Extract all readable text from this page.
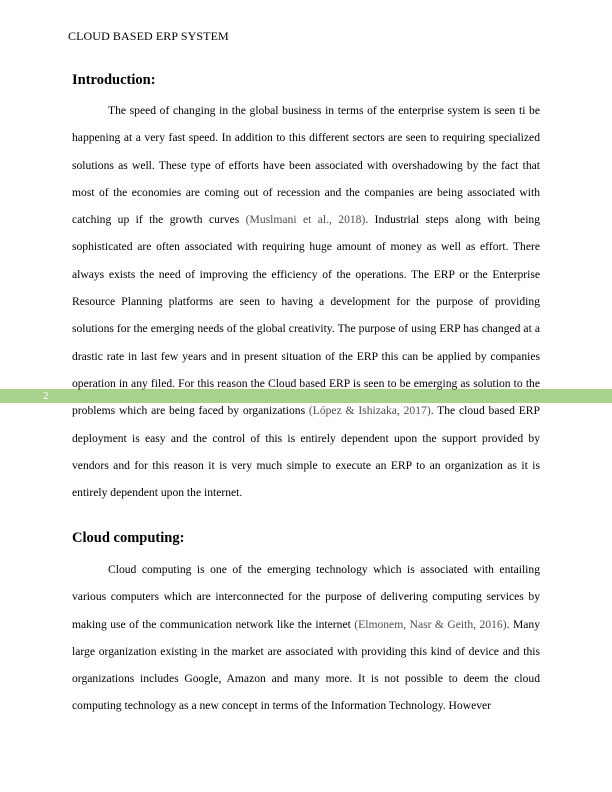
CLOUD BASED ERP SYSTEM
2
Introduction:

The speed of changing in the global business in terms of the enterprise system is seen ti be happening at a very fast speed. In addition to this different sectors are seen to requiring specialized solutions as well. These type of efforts have been associated with overshadowing by the fact that most of the economies are coming out of recession and the companies are being associated with catching up if the growth curves (Muslmani et al., 2018). Industrial steps along with being sophisticated are often associated with requiring huge amount of money as well as effort. There always exists the need of improving the efficiency of the operations. The ERP or the Enterprise Resource Planning platforms are seen to having a development for the purpose of providing solutions for the emerging needs of the global creativity. The purpose of using ERP has changed at a drastic rate in last few years and in present situation of the ERP this can be applied by companies operation in any filed. For this reason the Cloud based ERP is seen to be emerging as solution to the problems which are being faced by organizations (López & Ishizaka, 2017). The cloud based ERP deployment is easy and the control of this is entirely dependent upon the support provided by vendors and for this reason it is very much simple to execute an ERP to an organization as it is entirely dependent upon the internet.

Cloud computing:

Cloud computing is one of the emerging technology which is associated with entailing various computers which are interconnected for the purpose of delivering computing services by making use of the communication network like the internet (Elmonem, Nasr & Geith, 2016). Many large organization existing in the market are associated with providing this kind of device and this organizations includes Google, Amazon and many more. It is not possible to deem the cloud computing technology as a new concept in terms of the Information Technology. However
